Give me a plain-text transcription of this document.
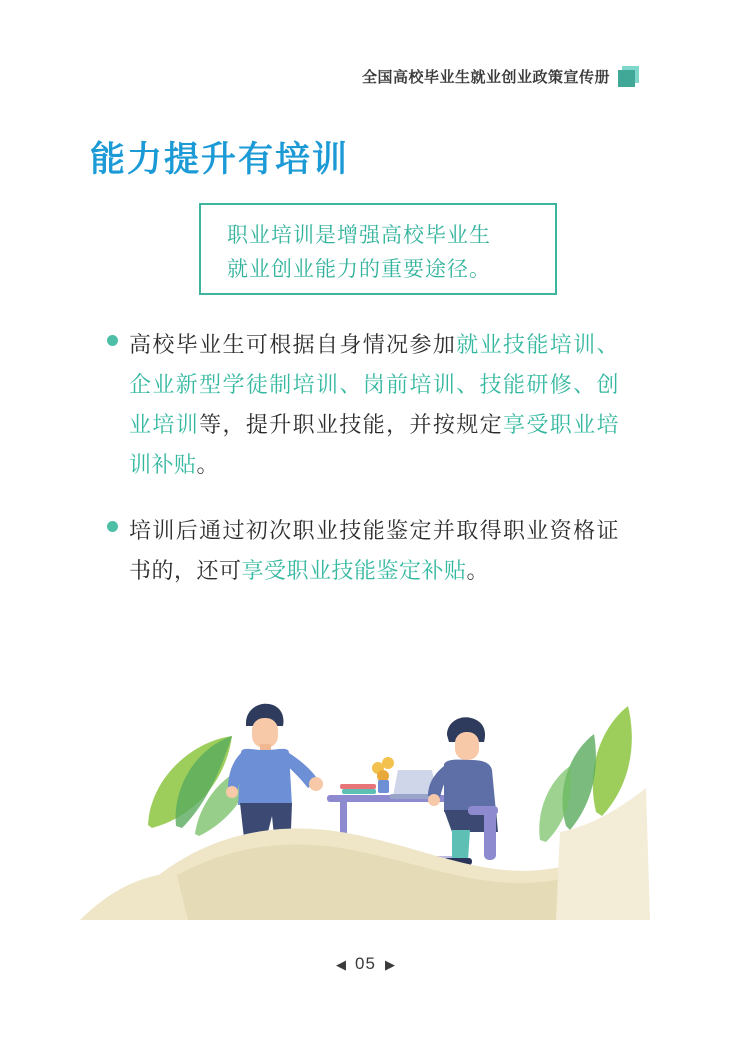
全国高校毕业生就业创业政策宣传册
能力提升有培训
职业培训是增强高校毕业生
就业创业能力的重要途径。
高校毕业生可根据自身情况参加就业技能培训、企业新型学徒制培训、岗前培训、技能研修、创业培训等，提升职业技能，并按规定享受职业培训补贴。
培训后通过初次职业技能鉴定并取得职业资格证书的，还可享受职业技能鉴定补贴。
◀ 05 ▶
